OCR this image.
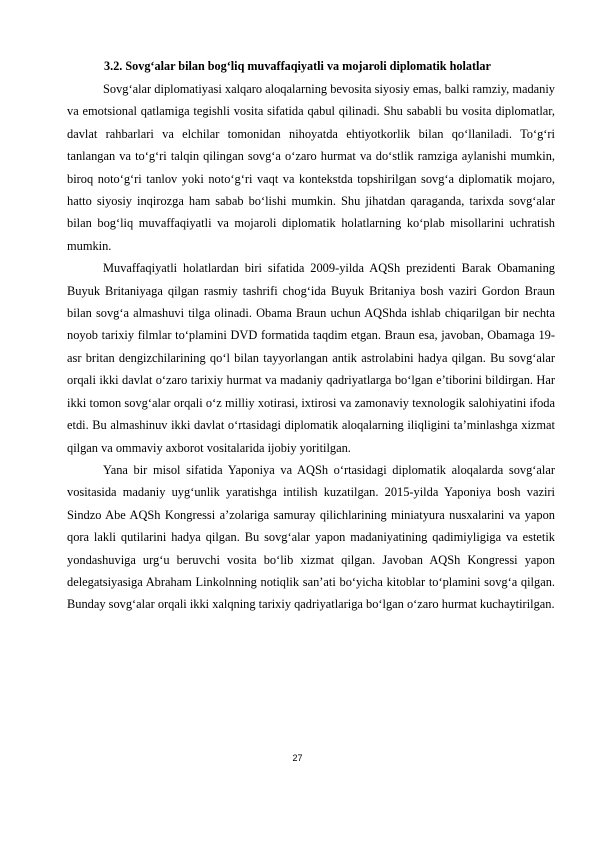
3.2. Sovg‘alar bilan bog‘liq muvaffaqiyatli va mojaroli diplomatik holatlar

Sovg‘alar diplomatiyasi xalqaro aloqalarning bevosita siyosiy emas, balki ramziy, madaniy va emotsional qatlamiga tegishli vosita sifatida qabul qilinadi. Shu sababli bu vosita diplomatlar, davlat rahbarlari va elchilar tomonidan nihoyatda ehtiyotkorlik bilan qo‘llaniladi. To‘g‘ri tanlangan va to‘g‘ri talqin qilingan sovg‘a o‘zaro hurmat va do‘stlik ramziga aylanishi mumkin, biroq noto‘g‘ri tanlov yoki noto‘g‘ri vaqt va kontekstda topshirilgan sovg‘a diplomatik mojaro, hatto siyosiy inqirozga ham sabab bo‘lishi mumkin. Shu jihatdan qaraganda, tarixda sovg‘alar bilan bog‘liq muvaffaqiyatli va mojaroli diplomatik holatlarning ko‘plab misollarini uchratish mumkin.

Muvaffaqiyatli holatlardan biri sifatida 2009-yilda AQSh prezidenti Barak Obamaning Buyuk Britaniyaga qilgan rasmiy tashrifi chog‘ida Buyuk Britaniya bosh vaziri Gordon Braun bilan sovg‘a almashuvi tilga olinadi. Obama Braun uchun AQShda ishlab chiqarilgan bir nechta noyob tarixiy filmlar to‘plamini DVD formatida taqdim etgan. Braun esa, javoban, Obamaga 19-asr britan dengizchilarining qo‘l bilan tayyorlangan antik astrolabini hadya qilgan. Bu sovg‘alar orqali ikki davlat o‘zaro tarixiy hurmat va madaniy qadriyatlarga bo‘lgan e’tiborini bildirgan. Har ikki tomon sovg‘alar orqali o‘z milliy xotirasi, ixtirosi va zamonaviy texnologik salohiyatini ifoda etdi. Bu almashinuv ikki davlat o‘rtasidagi diplomatik aloqalarning iliqligini ta’minlashga xizmat qilgan va ommaviy axborot vositalarida ijobiy yoritilgan.

Yana bir misol sifatida Yaponiya va AQSh o‘rtasidagi diplomatik aloqalarda sovg‘alar vositasida madaniy uyg‘unlik yaratishga intilish kuzatilgan. 2015-yilda Yaponiya bosh vaziri Sindzo Abe AQSh Kongressi a’zolariga samuray qilichlarining miniatyura nusxalarini va yapon qora lakli qutilarini hadya qilgan. Bu sovg‘alar yapon madaniyatining qadimiyligiga va estetik yondashuviga urg‘u beruvchi vosita bo‘lib xizmat qilgan. Javoban AQSh Kongressi yapon delegatsiyasiga Abraham Linkolnning notiqlik san’ati bo‘yicha kitoblar to‘plamini sovg‘a qilgan. Bunday sovg‘alar orqali ikki xalqning tarixiy qadriyatlariga bo‘lgan o‘zaro hurmat kuchaytirilgan.

27
